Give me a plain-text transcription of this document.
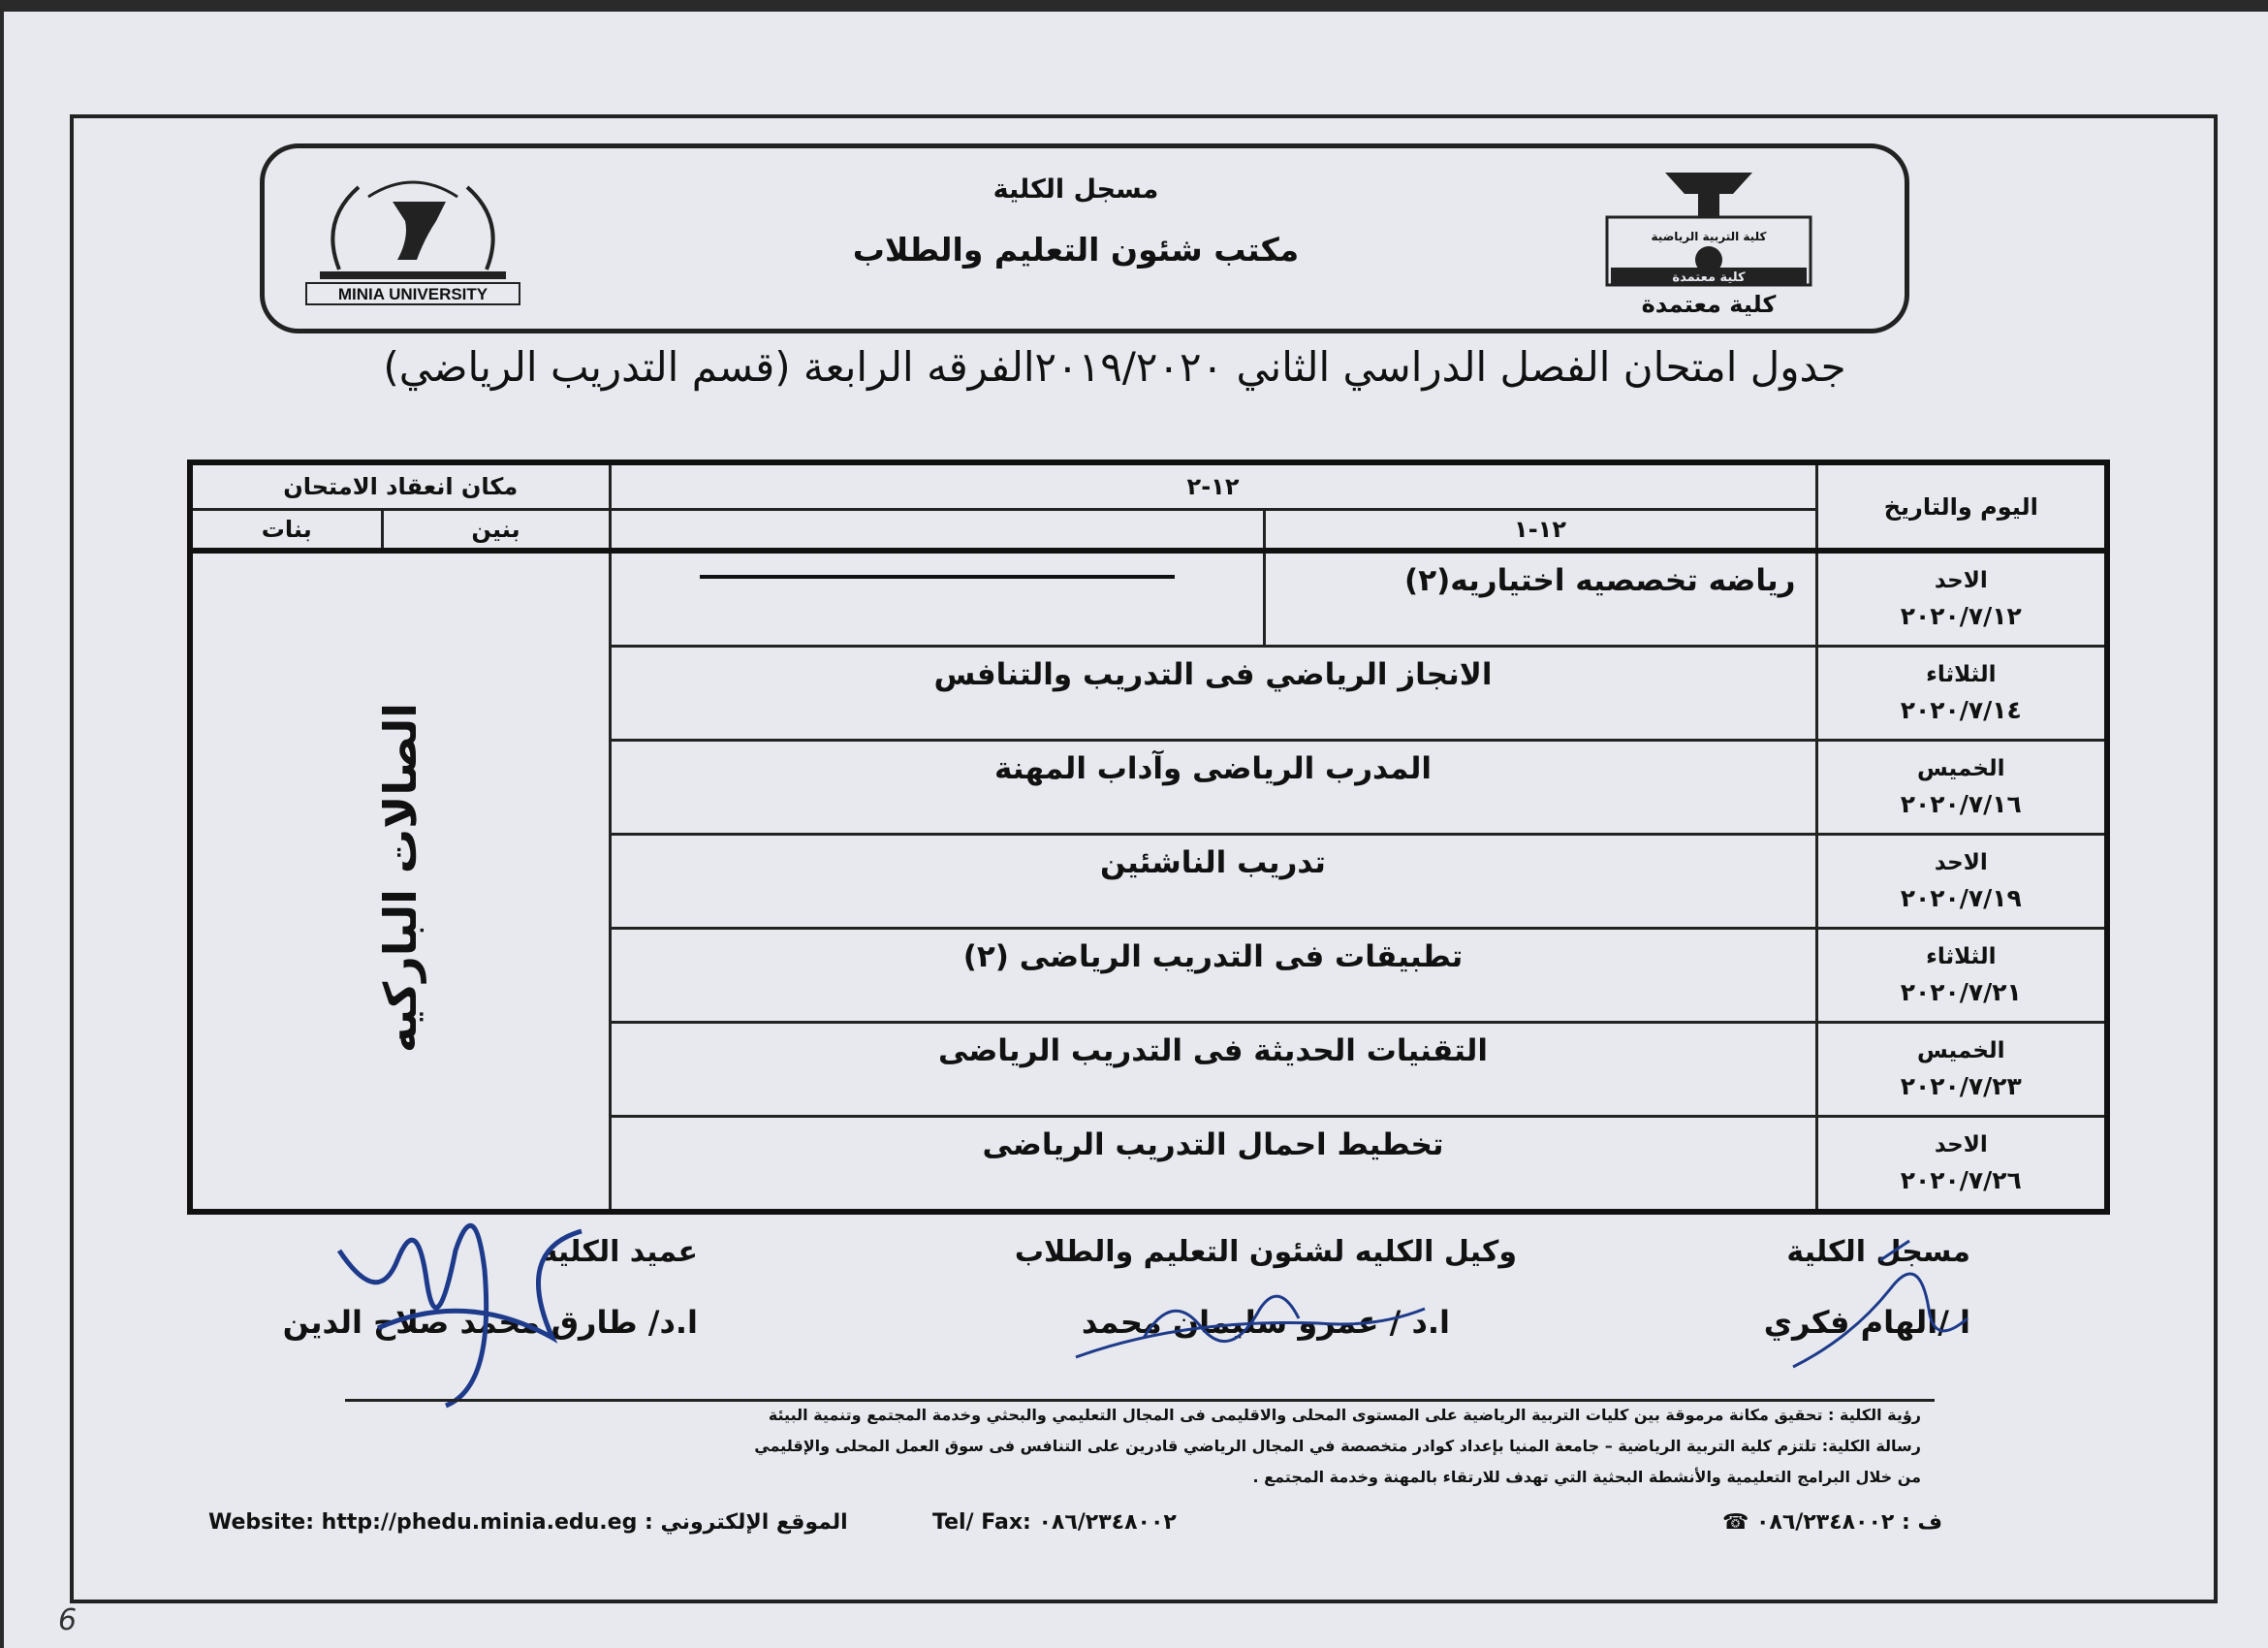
MINIA UNIVERSITY
كلية التربية الرياضية
كلية معتمدة
كلية معتمدة
مسجل الكلية
مكتب شئون التعليم والطلاب
جدول امتحان الفصل الدراسي الثاني ٢٠١٩/٢٠٢٠الفرقه الرابعة (قسم التدريب الرياضي)
اليوم والتاريخ	١٢-٢		مكان انعقاد الامتحان	
	١٢-١		بنين	بنات

الاحد
٢٠٢٠/٧/١٢	رياضه تخصصيه اختياريه(٢)		الصالات الباركيه	

الثلاثاء
٢٠٢٠/٧/١٤	الانجاز الرياضي فى التدريب والتنافس			

الخميس
٢٠٢٠/٧/١٦	المدرب الرياضى وآداب المهنة			

الاحد
٢٠٢٠/٧/١٩	تدريب الناشئين			

الثلاثاء
٢٠٢٠/٧/٢١	تطبيقات فى التدريب الرياضى (٢)			

الخميس
٢٠٢٠/٧/٢٣	التقنيات الحديثة فى التدريب الرياضى			

الاحد
٢٠٢٠/٧/٢٦	تخطيط احمال التدريب الرياضى			
مسجل الكلية
ا /الهام فكري
وكيل الكليه لشئون التعليم والطلاب
ا.د / عمرو سليمان محمد
عميد الكليه
ا.د/ طارق محمد صلاح الدين
رؤية الكلية : تحقيق مكانة مرموقة بين كليات التربية الرياضية على المستوى المحلى والاقليمى فى المجال التعليمي والبحثي وخدمة المجتمع وتنمية البيئة
رسالة الكلية: تلتزم كلية التربية الرياضية – جامعة المنيا بإعداد كوادر متخصصة في المجال الرياضي قادرين على التنافس فى سوق العمل المحلى والإقليمي
من خلال البرامج التعليمية والأنشطة البحثية التي تهدف للارتقاء بالمهنة وخدمة المجتمع .
Website: http://phedu.minia.edu.eg : الموقع الإلكتروني	Tel/ Fax: ٠٨٦/٢٣٤٨٠٠٢	ف : ٠٨٦/٢٣٤٨٠٠٢ ☎
6
